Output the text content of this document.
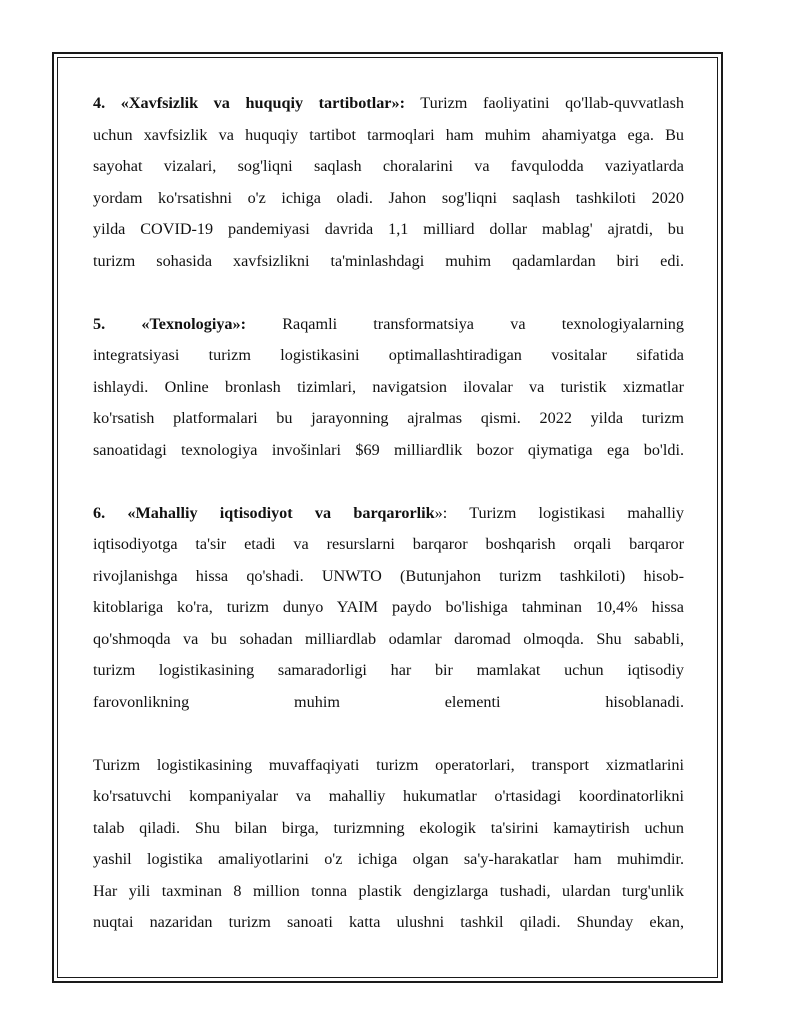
4. «Xavfsizlik va huquqiy tartibotlar»: Turizm faoliyatini qo'llab-quvvatlash
uchun xavfsizlik va huquqiy tartibot tarmoqlari ham muhim ahamiyatga ega. Bu
sayohat vizalari, sog'liqni saqlash choralarini va favqulodda vaziyatlarda
yordam ko'rsatishni o'z ichiga oladi. Jahon sog'liqni saqlash tashkiloti 2020
yilda COVID-19 pandemiyasi davrida 1,1 milliard dollar mablag' ajratdi, bu
turizm sohasida xavfsizlikni ta'minlashdagi muhim qadamlardan biri edi.

5. «Texnologiya»: Raqamli transformatsiya va texnologiyalarning
integratsiyasi turizm logistikasini optimallashtiradigan vositalar sifatida
ishlaydi. Online bronlash tizimlari, navigatsion ilovalar va turistik xizmatlar
ko'rsatish platformalari bu jarayonning ajralmas qismi. 2022 yilda turizm
sanoatidagi texnologiya invošinlari $69 milliardlik bozor qiymatiga ega bo'ldi.

6. «Mahalliy iqtisodiyot va barqarorlik»: Turizm logistikasi mahalliy
iqtisodiyotga ta'sir etadi va resurslarni barqaror boshqarish orqali barqaror
rivojlanishga hissa qo'shadi. UNWTO (Butunjahon turizm tashkiloti) hisob-
kitoblariga ko'ra, turizm dunyo YAIM paydo bo'lishiga tahminan 10,4% hissa
qo'shmoqda va bu sohadan milliardlab odamlar daromad olmoqda. Shu sababli,
turizm logistikasining samaradorligi har bir mamlakat uchun iqtisodiy
farovonlikning muhim elementi hisoblanadi.

Turizm logistikasining muvaffaqiyati turizm operatorlari, transport xizmatlarini
ko'rsatuvchi kompaniyalar va mahalliy hukumatlar o'rtasidagi koordinatorlikni
talab qiladi. Shu bilan birga, turizmning ekologik ta'sirini kamaytirish uchun
yashil logistika amaliyotlarini o'z ichiga olgan sa'y-harakatlar ham muhimdir.
Har yili taxminan 8 million tonna plastik dengizlarga tushadi, ulardan turg'unlik
nuqtai nazaridan turizm sanoati katta ulushni tashkil qiladi. Shunday ekan,
